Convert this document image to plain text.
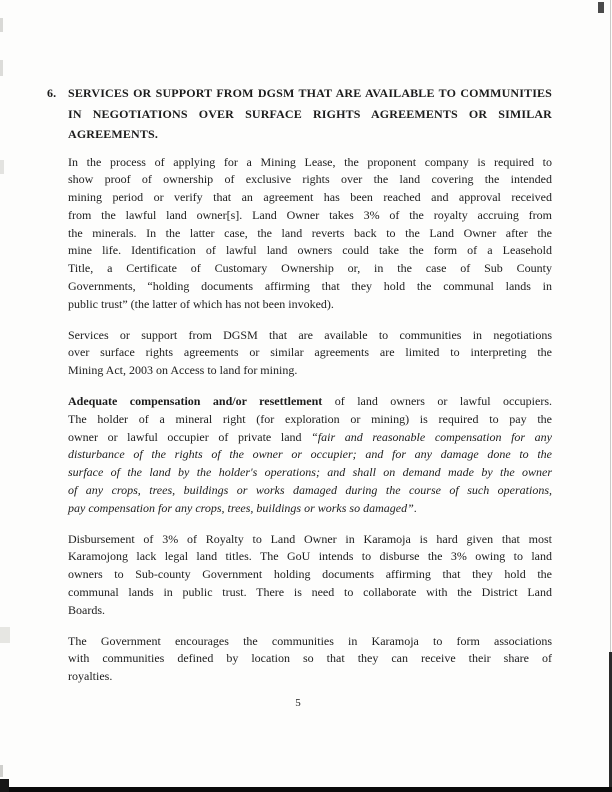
6. SERVICES OR SUPPORT FROM DGSM THAT ARE AVAILABLE TO COMMUNITIES
IN NEGOTIATIONS OVER SURFACE RIGHTS AGREEMENTS OR SIMILAR
AGREEMENTS.
In the process of applying for a Mining Lease, the proponent company is required to
show proof of ownership of exclusive rights over the land covering the intended
mining period or verify that an agreement has been reached and approval received
from the lawful land owner[s]. Land Owner takes 3% of the royalty accruing from
the minerals. In the latter case, the land reverts back to the Land Owner after the
mine life. Identification of lawful land owners could take the form of a Leasehold
Title, a Certificate of Customary Ownership or, in the case of Sub County
Governments, “holding documents affirming that they hold the communal lands in
public trust” (the latter of which has not been invoked).
Services or support from DGSM that are available to communities in negotiations
over surface rights agreements or similar agreements are limited to interpreting the
Mining Act, 2003 on Access to land for mining.
Adequate compensation and/or resettlement of land owners or lawful occupiers.
The holder of a mineral right (for exploration or mining) is required to pay the
owner or lawful occupier of private land “fair and reasonable compensation for any
disturbance of the rights of the owner or occupier; and for any damage done to the
surface of the land by the holder's operations; and shall on demand made by the owner
of any crops, trees, buildings or works damaged during the course of such operations,
pay compensation for any crops, trees, buildings or works so damaged”.
Disbursement of 3% of Royalty to Land Owner in Karamoja is hard given that most
Karamojong lack legal land titles. The GoU intends to disburse the 3% owing to land
owners to Sub-county Government holding documents affirming that they hold the
communal lands in public trust. There is need to collaborate with the District Land
Boards.
The Government encourages the communities in Karamoja to form associations
with communities defined by location so that they can receive their share of
royalties.
5
